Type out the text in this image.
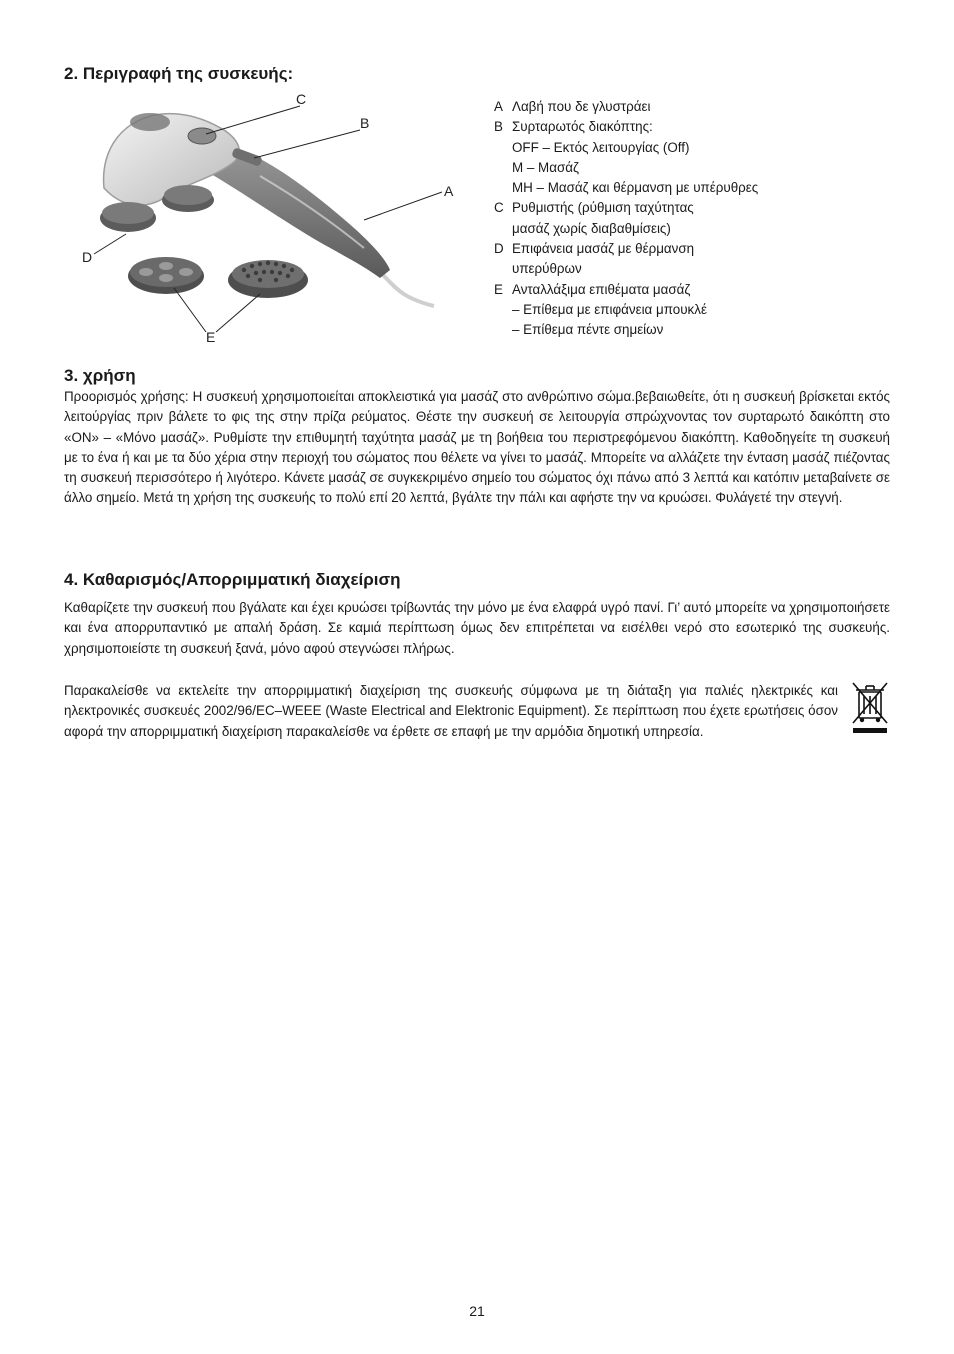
2. Περιγραφή της συσκευής:
C
B
A
D
E
A Λαβή που δε γλυστράει
B Συρταρωτός διακόπτης:
OFF – Εκτός λειτουργίας (Off)
M – Μασάζ
MH – Μασάζ και θέρμανση με υπέρυθρες
C Ρυθμιστής (ρύθμιση ταχύτητας
μασάζ χωρίς διαβαθμίσεις)
D Επιφάνεια μασάζ με θέρμανση
υπερύθρων
E Ανταλλάξιμα επιθέματα μασάζ
– Επίθεμα με επιφάνεια μπουκλέ
– Επίθεμα πέντε σημείων
3. χρήση

Προορισμός χρήσης: Η συσκευή χρησιμοποιείται αποκλειστικά για μασάζ στο ανθρώπινο σώμα.βεβαιωθείτε, ότι η συσκευή βρίσκεται εκτός λειτούργίας πριν βάλετε το φις της στην πρίζα ρεύματος. Θέστε την συσκευή σε λειτουργία σπρώχνοντας τον συρταρωτό δαικόπτη στο «ON» – «Μόνο μασάζ». Ρυθμίστε την επιθυμητή ταχύτητα μασάζ με τη βοήθεια του περιστρεφόμενου διακόπτη. Καθοδηγείτε τη συσκευή με το ένα ή και με τα δύο χέρια στην περιοχή του σώματος που θέλετε να γίνει το μασάζ. Μπορείτε να αλλάζετε την ένταση μασάζ πιέζοντας τη συσκευή περισσότερο ή λιγότερο. Κάνετε μασάζ σε συγκεκριμένο σημείο του σώματος όχι πάνω από 3 λεπτά και κατόπιν μεταβαίνετε σε άλλο σημείο. Μετά τη χρήση της συσκευής το πολύ επί 20 λεπτά, βγάλτε την πάλι και αφήστε την να κρυώσει. Φυλάγετέ την στεγνή.

4. Καθαρισμός/Απορριμματική διαχείριση

Καθαρίζετε την συσκευή που βγάλατε και έχει κρυώσει τρίβωντάς την μόνο με ένα ελαφρά υγρό πανί. Γι’ αυτό μπορείτε να χρησιμοποιήσετε και ένα απορρυπαντικό με απαλή δράση. Σε καμιά περίπτωση όμως δεν επιτρέπεται να εισέλθει νερό στο εσωτερικό της συσκευής. χρησιμοποιείστε τη συσκευή ξανά, μόνο αφού στεγνώσει πλήρως.

Παρακαλείσθε να εκτελείτε την απορριμματική διαχείριση της συσκευής σύμφωνα με τη διάταξη για παλιές ηλεκτρικές και ηλεκτρονικές συσκευές 2002/96/EC–WEEE (Waste Electrical and Elektronic Equipment). Σε περίπτωση που έχετε ερωτήσεις όσον αφορά την απορριμματική διαχείριση παρακαλείσθε να έρθετε σε επαφή με την αρμόδια δημοτική υπηρεσία.

21
